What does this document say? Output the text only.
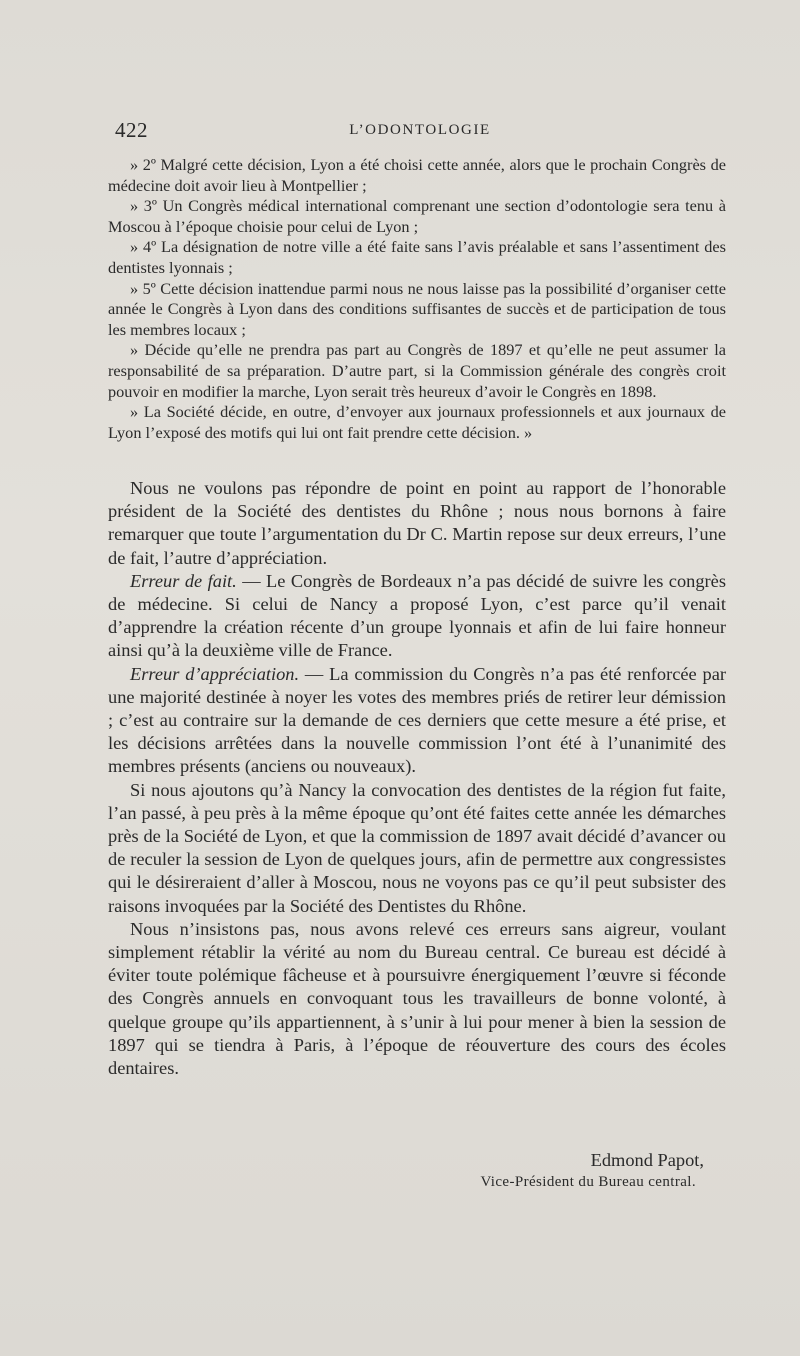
422	L’ODONTOLOGIE

» 2º Malgré cette décision, Lyon a été choisi cette année, alors que le prochain Congrès de médecine doit avoir lieu à Montpellier ;

» 3º Un Congrès médical international comprenant une section d’odontologie sera tenu à Moscou à l’époque choisie pour celui de Lyon ;

» 4º La désignation de notre ville a été faite sans l’avis préalable et sans l’assentiment des dentistes lyonnais ;

» 5º Cette décision inattendue parmi nous ne nous laisse pas la possibilité d’organiser cette année le Congrès à Lyon dans des conditions suffisantes de succès et de participation de tous les membres locaux ;

» Décide qu’elle ne prendra pas part au Congrès de 1897 et qu’elle ne peut assumer la responsabilité de sa préparation. D’autre part, si la Commission générale des congrès croit pouvoir en modifier la marche, Lyon serait très heureux d’avoir le Congrès en 1898.

» La Société décide, en outre, d’envoyer aux journaux professionnels et aux journaux de Lyon l’exposé des motifs qui lui ont fait prendre cette décision. »

Nous ne voulons pas répondre de point en point au rapport de l’honorable président de la Société des dentistes du Rhône ; nous nous bornons à faire remarquer que toute l’argumentation du Dr C. Martin repose sur deux erreurs, l’une de fait, l’autre d’appréciation.

Erreur de fait. — Le Congrès de Bordeaux n’a pas décidé de suivre les congrès de médecine. Si celui de Nancy a proposé Lyon, c’est parce qu’il venait d’apprendre la création récente d’un groupe lyonnais et afin de lui faire honneur ainsi qu’à la deuxième ville de France.

Erreur d’appréciation. — La commission du Congrès n’a pas été renforcée par une majorité destinée à noyer les votes des membres priés de retirer leur démission ; c’est au contraire sur la demande de ces derniers que cette mesure a été prise, et les décisions arrêtées dans la nouvelle commission l’ont été à l’unanimité des membres présents (anciens ou nouveaux).

Si nous ajoutons qu’à Nancy la convocation des dentistes de la région fut faite, l’an passé, à peu près à la même époque qu’ont été faites cette année les démarches près de la Société de Lyon, et que la commission de 1897 avait décidé d’avancer ou de reculer la session de Lyon de quelques jours, afin de permettre aux congressistes qui le désireraient d’aller à Moscou, nous ne voyons pas ce qu’il peut subsister des raisons invoquées par la Société des Dentistes du Rhône.

Nous n’insistons pas, nous avons relevé ces erreurs sans aigreur, voulant simplement rétablir la vérité au nom du Bureau central. Ce bureau est décidé à éviter toute polémique fâcheuse et à poursuivre énergiquement l’œuvre si féconde des Congrès annuels en convoquant tous les travailleurs de bonne volonté, à quelque groupe qu’ils appartiennent, à s’unir à lui pour mener à bien la session de 1897 qui se tiendra à Paris, à l’époque de réouverture des cours des écoles dentaires.

Edmond Papot,
Vice-Président du Bureau central.
